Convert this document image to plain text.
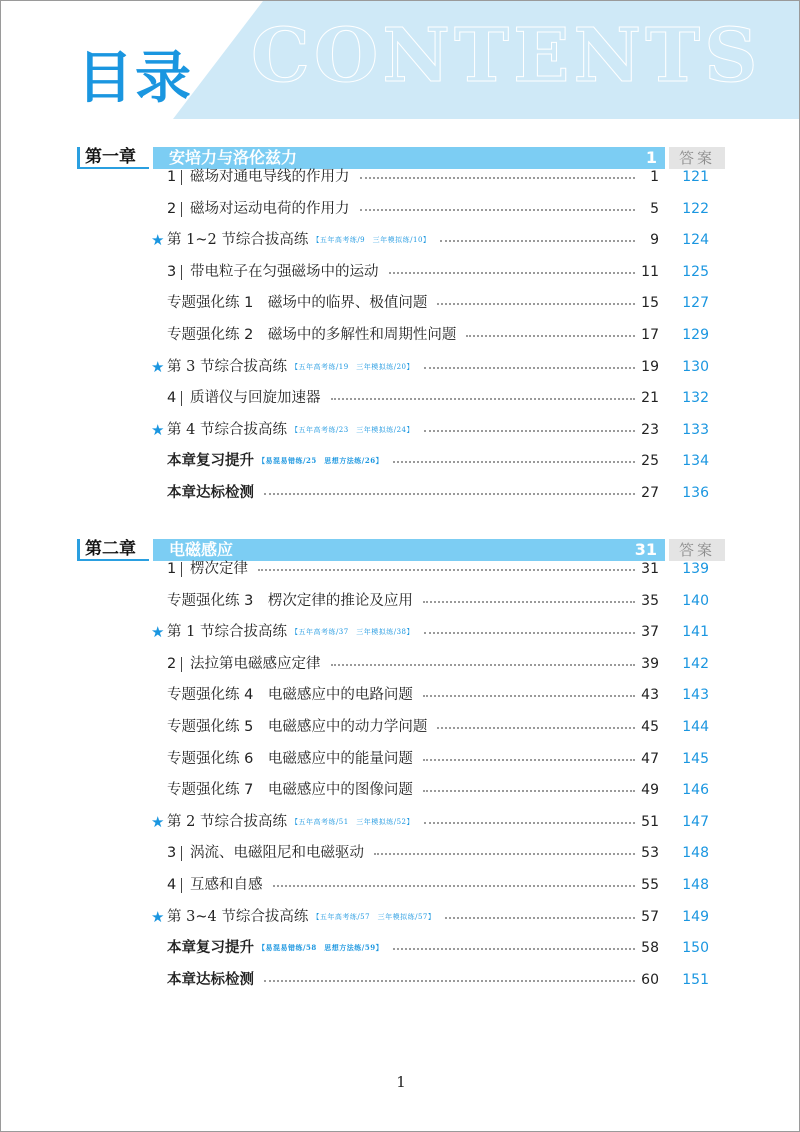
CONTENTS
目录
第一章	安培力与洛伦兹力	1	答案
1 磁场对通电导线的作用力	1 121
2 磁场对运动电荷的作用力	5 122
★ 第 1~2 节综合拔高练 $^{【五年高考练/9 三年模拟练/10】}$	9 124
3 带电粒子在匀强磁场中的运动	11 125
专题强化练 1　磁场中的临界、极值问题	15 127
专题强化练 2　磁场中的多解性和周期性问题	17 129
★ 第 3 节综合拔高练 $^{【五年高考练/19 三年模拟练/20】}$	19 130
4 质谱仪与回旋加速器	21 132
★ 第 4 节综合拔高练 $^{【五年高考练/23 三年模拟练/24】}$	23 133
本章复习提升 $^{【易混易错练/25 思想方法练/26】}$	25 134
本章达标检测	27 136
第二章	电磁感应	31	答案
1 楞次定律	31 139
专题强化练 3　楞次定律的推论及应用	35 140
★ 第 1 节综合拔高练 $^{【五年高考练/37 三年模拟练/38】}$	37 141
2 法拉第电磁感应定律	39 142
专题强化练 4　电磁感应中的电路问题	43 143
专题强化练 5　电磁感应中的动力学问题	45 144
专题强化练 6　电磁感应中的能量问题	47 145
专题强化练 7　电磁感应中的图像问题	49 146
★ 第 2 节综合拔高练 $^{【五年高考练/51 三年模拟练/52】}$	51 147
3 涡流、电磁阻尼和电磁驱动	53 148
4 互感和自感	55 148
★ 第 3~4 节综合拔高练 $^{【五年高考练/57 三年模拟练/57】}$	57 149
本章复习提升 $^{【易混易错练/58 思想方法练/59】}$	58 150
本章达标检测	60 151
1
